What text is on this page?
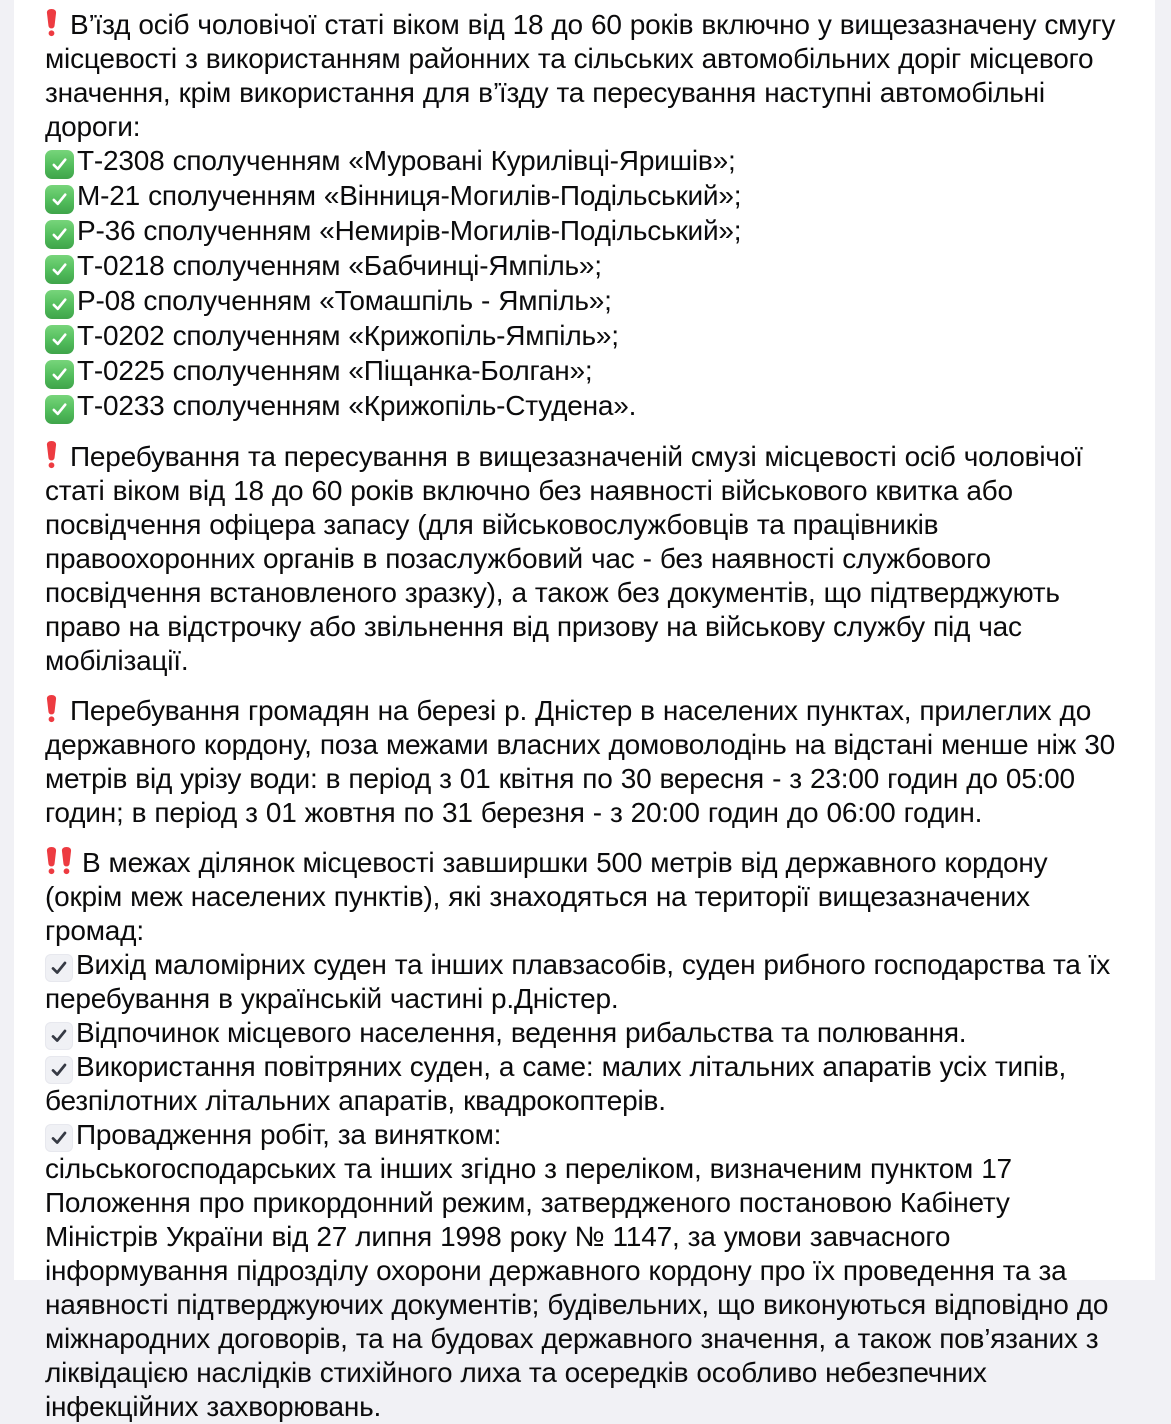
В’їзд осіб чоловічої статі віком від 18 до 60 років включно у вищезазначену смугу місцевості з використанням районних та сільських автомобільних доріг місцевого значення, крім використання для в’їзду та пересування наступні автомобільні дороги:

Т-2308 сполученням «Муровані Курилівці-Яришів»;

М-21 сполученням «Вінниця-Могилів-Подільський»;

Р-36 сполученням «Немирів-Могилів-Подільський»;

Т-0218 сполученням «Бабчинці-Ямпіль»;

Р-08 сполученням «Томашпіль - Ямпіль»;

Т-0202 сполученням «Крижопіль-Ямпіль»;

Т-0225 сполученням «Піщанка-Болган»;

Т-0233 сполученням «Крижопіль-Студена».

Перебування та пересування в вищезазначеній смузі місцевості осіб чоловічої статі віком від 18 до 60 років включно без наявності військового квитка або посвідчення офіцера запасу (для військовослужбовців та працівників правоохоронних органів в позаслужбовий час - без наявності службового посвідчення встановленого зразку), а також без документів, що підтверджують право на відстрочку або звільнення від призову на військову службу під час мобілізації.

Перебування громадян на березі р. Дністер в населених пунктах, прилеглих до державного кордону, поза межами власних домоволодінь на відстані менше ніж 30 метрів від урізу води: в період з 01 квітня по 30 вересня - з 23:00 годин до 05:00 годин; в період з 01 жовтня по 31 березня - з 20:00 годин до 06:00 годин.

В межах ділянок місцевості завширшки 500 метрів від державного кордону (окрім меж населених пунктів), які знаходяться на території вищезазначених громад:

Вихід маломірних суден та інших плавзасобів, суден рибного господарства та їх перебування в українській частині р.Дністер.

Відпочинок місцевого населення, ведення рибальства та полювання.

Використання повітряних суден, а саме: малих літальних апаратів усіх типів, безпілотних літальних апаратів, квадрокоптерів.

Провадження робіт, за винятком:

сільськогосподарських та інших згідно з переліком, визначеним пунктом 17 Положення про прикордонний режим, затвердженого постановою Кабінету Міністрів України від 27 липня 1998 року № 1147, за умови завчасного інформування підрозділу охорони державного кордону про їх проведення та за наявності підтверджуючих документів; будівельних, що виконуються відповідно до міжнародних договорів, та на будовах державного значення, а також пов’язаних з ліквідацією наслідків стихійного лиха та осередків особливо небезпечних інфекційних захворювань.
